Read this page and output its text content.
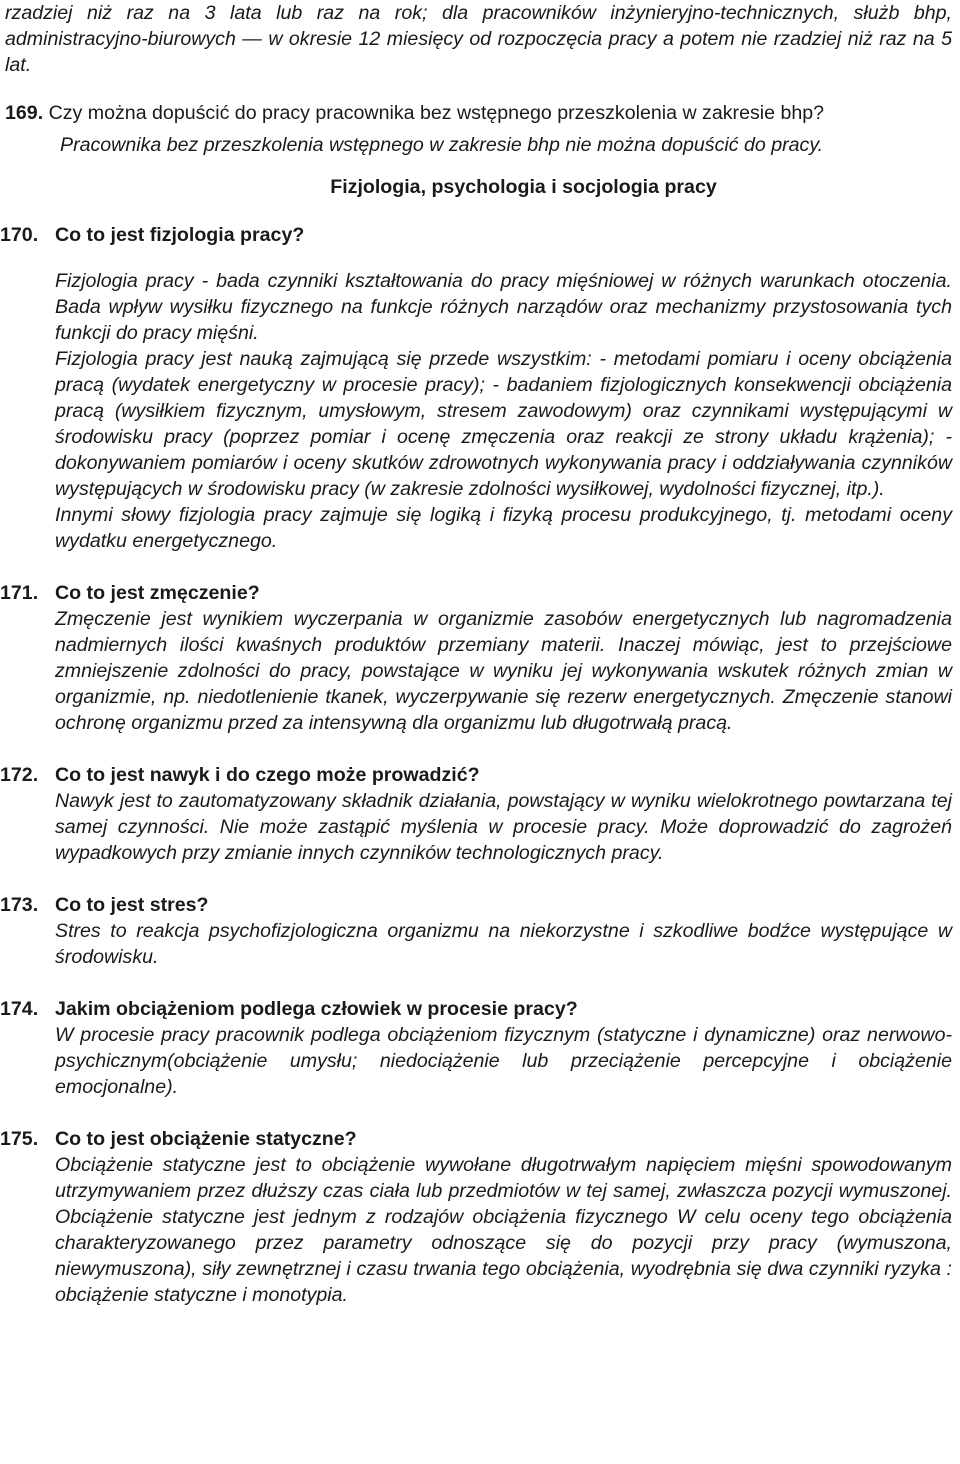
rzadziej niż raz na 3 lata lub raz na rok; dla pracowników inżynieryjno-technicznych, służb bhp, administracyjno-biurowych — w okresie 12 miesięcy od rozpoczęcia pracy a potem nie rzadziej niż raz na 5 lat.

169. Czy można dopuścić do pracy pracownika bez wstępnego przeszkolenia w zakresie bhp?

Pracownika bez przeszkolenia wstępnego w zakresie bhp nie można dopuścić do pracy.

Fizjologia, psychologia i socjologia pracy

170. Co to jest fizjologia pracy?

Fizjologia pracy - bada czynniki kształtowania do pracy mięśniowej w różnych warunkach otoczenia. Bada wpływ wysiłku fizycznego na funkcje różnych narządów oraz mechanizmy przystosowania tych funkcji do pracy mięśni.

Fizjologia pracy jest nauką zajmującą się przede wszystkim: - metodami pomiaru i oceny obciążenia pracą (wydatek energetyczny w procesie pracy); - badaniem fizjologicznych konsekwencji obciążenia pracą (wysiłkiem fizycznym, umysłowym, stresem zawodowym) oraz czynnikami występującymi w środowisku pracy (poprzez pomiar i ocenę zmęczenia oraz reakcji ze strony układu krążenia); - dokonywaniem pomiarów i oceny skutków zdrowotnych wykonywania pracy i oddziaływania czynników występujących w środowisku pracy (w zakresie zdolności wysiłkowej, wydolności fizycznej, itp.).

Innymi słowy fizjologia pracy zajmuje się logiką i fizyką procesu produkcyjnego, tj. metodami oceny wydatku energetycznego.

171. Co to jest zmęczenie?

Zmęczenie jest wynikiem wyczerpania w organizmie zasobów energetycznych lub nagromadzenia nadmiernych ilości kwaśnych produktów przemiany materii. Inaczej mówiąc, jest to przejściowe zmniejszenie zdolności do pracy, powstające w wyniku jej wykonywania wskutek różnych zmian w organizmie, np. niedotlenienie tkanek, wyczerpywanie się rezerw energetycznych. Zmęczenie stanowi ochronę organizmu przed za intensywną dla organizmu lub długotrwałą pracą.

172. Co to jest nawyk i do czego może prowadzić?

Nawyk jest to zautomatyzowany składnik działania, powstający w wyniku wielokrotnego powtarzana tej samej czynności. Nie może zastąpić myślenia w procesie pracy. Może doprowadzić do zagrożeń wypadkowych przy zmianie innych czynników technologicznych pracy.

173. Co to jest stres?

Stres to reakcja psychofizjologiczna organizmu na niekorzystne i szkodliwe bodźce występujące w środowisku.

174. Jakim obciążeniom podlega człowiek w procesie pracy?

W procesie pracy pracownik podlega obciążeniom fizycznym (statyczne i dynamiczne) oraz nerwowo-psychicznym(obciążenie umysłu; niedociążenie lub przeciążenie percepcyjne i obciążenie emocjonalne).

175. Co to jest obciążenie statyczne?

Obciążenie statyczne jest to obciążenie wywołane długotrwałym napięciem mięśni spowodowanym utrzymywaniem przez dłuższy czas ciała lub przedmiotów w tej samej, zwłaszcza pozycji wymuszonej. Obciążenie statyczne jest jednym z rodzajów obciążenia fizycznego W celu oceny tego obciążenia charakteryzowanego przez parametry odnoszące się do pozycji przy pracy (wymuszona, niewymuszona), siły zewnętrznej i czasu trwania tego obciążenia, wyodrębnia się dwa czynniki ryzyka : obciążenie statyczne i monotypia.
